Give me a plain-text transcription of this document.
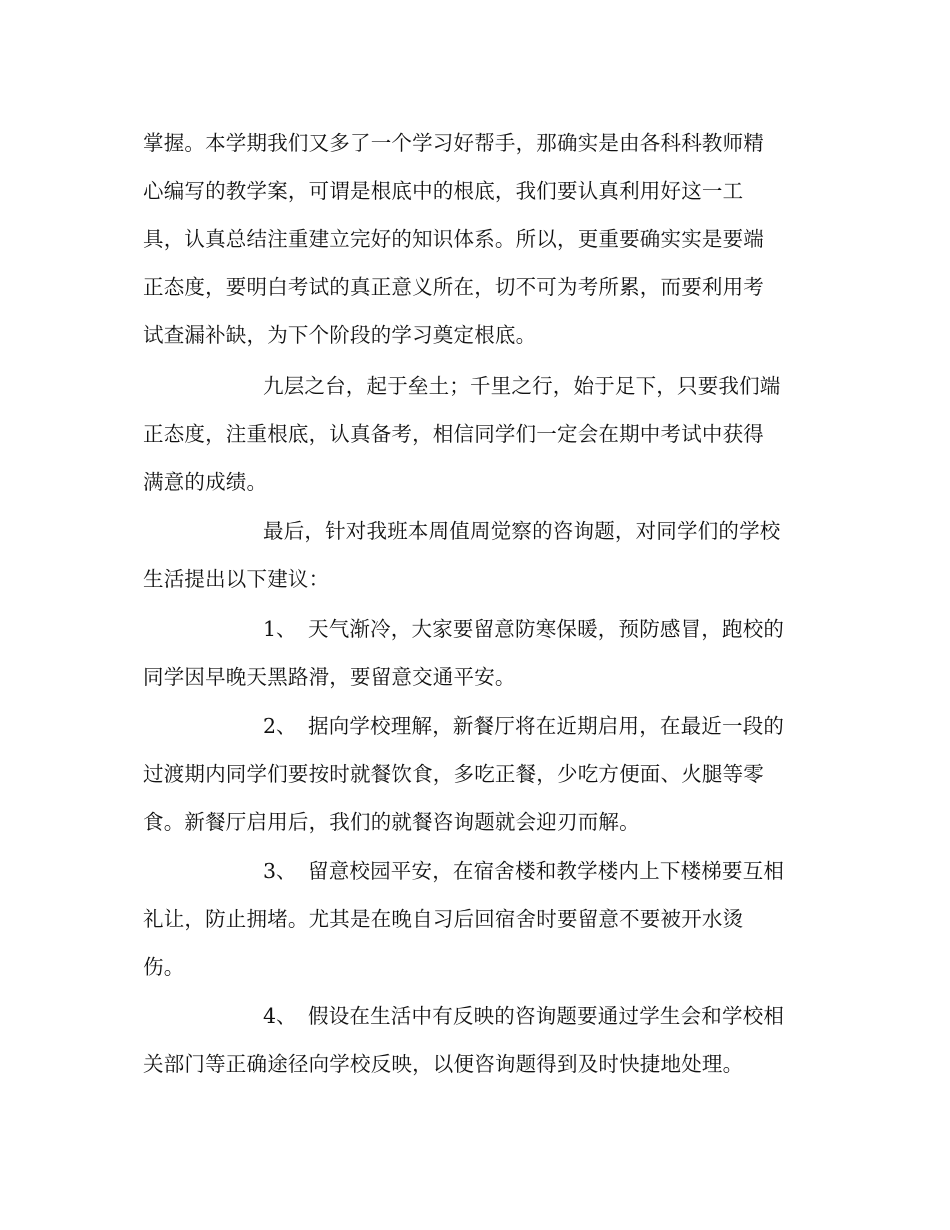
掌握。本学期我们又多了一个学习好帮手，那确实是由各科科教师精

心编写的教学案，可谓是根底中的根底，我们要认真利用好这一工

具，认真总结注重建立完好的知识体系。所以，更重要确实实是要端

正态度，要明白考试的真正意义所在，切不可为考所累，而要利用考

试查漏补缺，为下个阶段的学习奠定根底。

九层之台，起于垒土；千里之行，始于足下，只要我们端

正态度，注重根底，认真备考，相信同学们一定会在期中考试中获得

满意的成绩。

最后，针对我班本周值周觉察的咨询题，对同学们的学校

生活提出以下建议：

1、 天气渐冷，大家要留意防寒保暖，预防感冒，跑校的

同学因早晚天黑路滑，要留意交通平安。

2、 据向学校理解，新餐厅将在近期启用，在最近一段的

过渡期内同学们要按时就餐饮食，多吃正餐，少吃方便面、火腿等零

食。新餐厅启用后，我们的就餐咨询题就会迎刃而解。

3、 留意校园平安，在宿舍楼和教学楼内上下楼梯要互相

礼让，防止拥堵。尤其是在晚自习后回宿舍时要留意不要被开水烫

伤。

4、 假设在生活中有反映的咨询题要通过学生会和学校相

关部门等正确途径向学校反映，以便咨询题得到及时快捷地处理。
